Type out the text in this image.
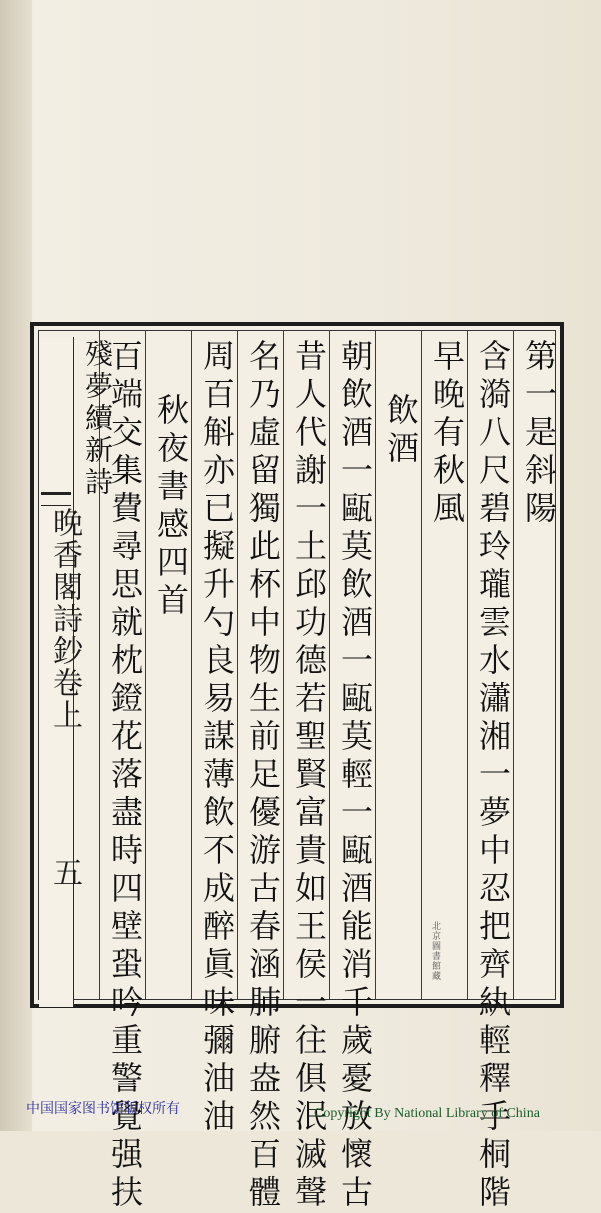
晚香閣詩鈔卷上
五
第一是斜陽
含漪八尺碧玲瓏雲水瀟湘一夢中忍把齊紈輕釋手桐階
早晚有秋風
飲酒
朝飲酒一甌莫飲酒一甌莫輕一甌酒能消千歲憂放懷古
昔人代謝一土邱功德若聖賢富貴如王侯一往俱泯滅聲
名乃虛留獨此杯中物生前足優游古春涵肺腑盎然百體
周百斛亦已擬升勺良易謀薄飲不成醉眞味彌油油
秋夜書感四首
百端交集費尋思就枕鐙花落盡時四壁蛩吟重警覺强扶
殘夢續新詩
北京圖書館藏
中国国家图书馆版权所有	Copyright By National Library of China
